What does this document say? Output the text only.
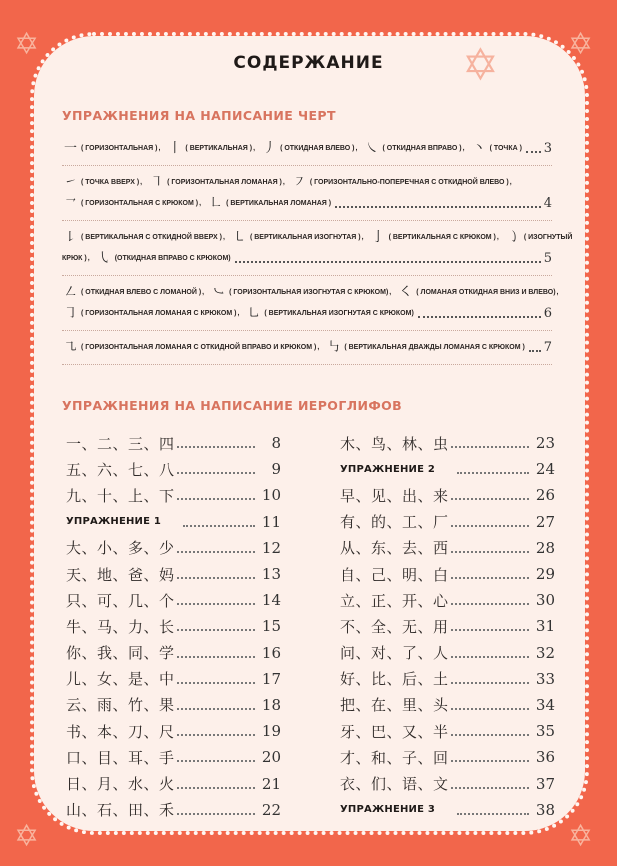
✡	✡
✡	✡
✡
СОДЕРЖАНИЕ
УПРАЖНЕНИЯ НА НАПИСАНИЕ ЧЕРТ
一 ( ГОРИЗОНТАЛЬНАЯ ) , 丨 ( ВЕРТИКАЛЬНАЯ ) , 丿 ( ОТКИДНАЯ ВЛЕВО ) , ㇏ ( ОТКИДНАЯ ВПРАВО ) , 丶 ( ТОЧКА ) 3
㇀ ( ТОЧКА ВВЕРХ ) , ㇕ ( ГОРИЗОНТАЛЬНАЯ ЛОМАНАЯ ) , ㇇ ( ГОРИЗОНТАЛЬНО-ПОПЕРЕЧНАЯ С ОТКИДНОЙ ВЛЕВО ) ,
㇖ ( ГОРИЗОНТАЛЬНАЯ С КРЮКОМ ) , ㇗ ( ВЕРТИКАЛЬНАЯ ЛОМАНАЯ )	4
㇙ ( ВЕРТИКАЛЬНАЯ С ОТКИДНОЙ ВВЕРХ ) , ㇄ ( ВЕРТИКАЛЬНАЯ ИЗОГНУТАЯ ) , 亅 ( ВЕРТИКАЛЬНАЯ С КРЮКОМ ) , ㇁ ( ИЗОГНУТЫЙ
КРЮК ) , ㇂ (ОТКИДНАЯ ВПРАВО С КРЮКОМ)	5
㇜ ( ОТКИДНАЯ ВЛЕВО С ЛОМАНОЙ ) , ㇃ ( ГОРИЗОНТАЛЬНАЯ ИЗОГНУТАЯ С КРЮКОМ) , ㇛ ( ЛОМАНАЯ ОТКИДНАЯ ВНИЗ И ВЛЕВО) ,
㇆ ( ГОРИЗОНТАЛЬНАЯ ЛОМАНАЯ С КРЮКОМ ) , ㇟ ( ВЕРТИКАЛЬНАЯ ИЗОГНУТАЯ С КРЮКОМ)	6
㇈ ( ГОРИЗОНТАЛЬНАЯ ЛОМАНАЯ С ОТКИДНОЙ ВПРАВО И КРЮКОМ ) , ㇉ ( ВЕРТИКАЛЬНАЯ ДВАЖДЫ ЛОМАНАЯ С КРЮКОМ ) 7
УПРАЖНЕНИЯ НА НАПИСАНИЕ ИЕРОГЛИФОВ
一、二、三、四	8
五、六、七、八	9
九、十、上、下	10
УПРАЖНЕНИЕ 1	11
大、小、多、少	12
天、地、爸、妈	13
只、可、几、个	14
牛、马、力、长	15
你、我、同、学	16
儿、女、是、中	17
云、雨、竹、果	18
书、本、刀、尺	19
口、目、耳、手	20
日、月、水、火	21
山、石、田、禾	22
木、鸟、林、虫	23
УПРАЖНЕНИЕ 2	24
早、见、出、来	26
有、的、工、厂	27
从、东、去、西	28
自、己、明、白	29
立、正、开、心	30
不、全、无、用	31
问、对、了、人	32
好、比、后、土	33
把、在、里、头	34
牙、巴、又、半	35
才、和、子、回	36
衣、们、语、文	37
УПРАЖНЕНИЕ 3	38
